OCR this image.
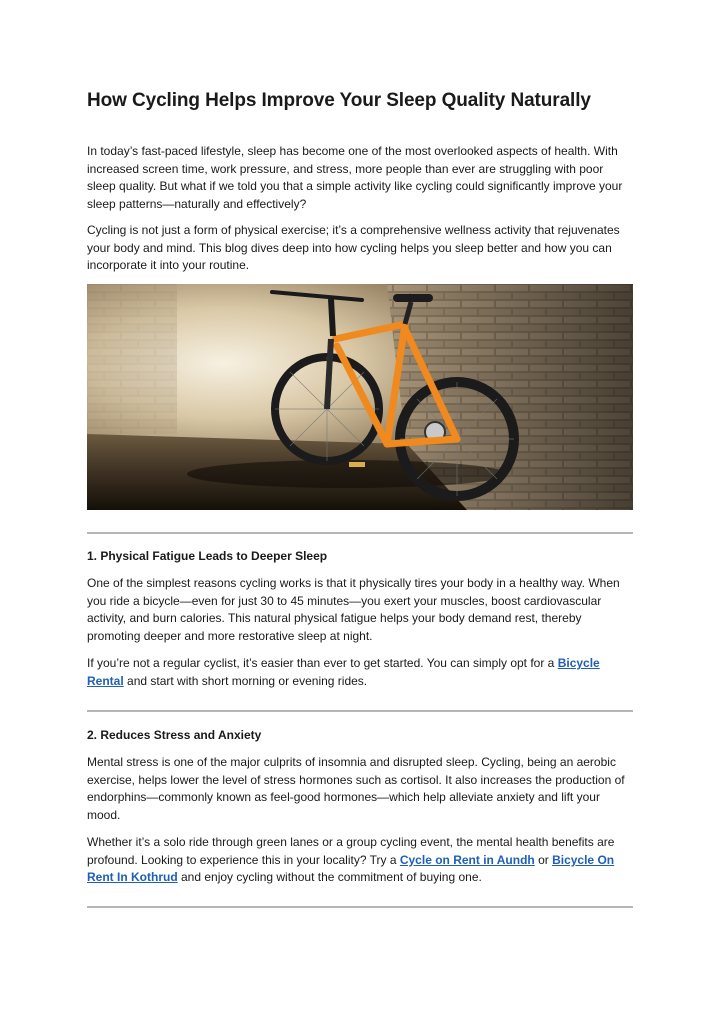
How Cycling Helps Improve Your Sleep Quality Naturally

In today’s fast-paced lifestyle, sleep has become one of the most overlooked aspects of health. With increased screen time, work pressure, and stress, more people than ever are struggling with poor sleep quality. But what if we told you that a simple activity like cycling could significantly improve your sleep patterns—naturally and effectively?

Cycling is not just a form of physical exercise; it’s a comprehensive wellness activity that rejuvenates your body and mind. This blog dives deep into how cycling helps you sleep better and how you can incorporate it into your routine.

1. Physical Fatigue Leads to Deeper Sleep

One of the simplest reasons cycling works is that it physically tires your body in a healthy way. When you ride a bicycle—even for just 30 to 45 minutes—you exert your muscles, boost cardiovascular activity, and burn calories. This natural physical fatigue helps your body demand rest, thereby promoting deeper and more restorative sleep at night.

If you’re not a regular cyclist, it’s easier than ever to get started. You can simply opt for a Bicycle Rental and start with short morning or evening rides.

2. Reduces Stress and Anxiety

Mental stress is one of the major culprits of insomnia and disrupted sleep. Cycling, being an aerobic exercise, helps lower the level of stress hormones such as cortisol. It also increases the production of endorphins—commonly known as feel-good hormones—which help alleviate anxiety and lift your mood.

Whether it’s a solo ride through green lanes or a group cycling event, the mental health benefits are profound. Looking to experience this in your locality? Try a Cycle on Rent in Aundh or Bicycle On Rent In Kothrud and enjoy cycling without the commitment of buying one.
